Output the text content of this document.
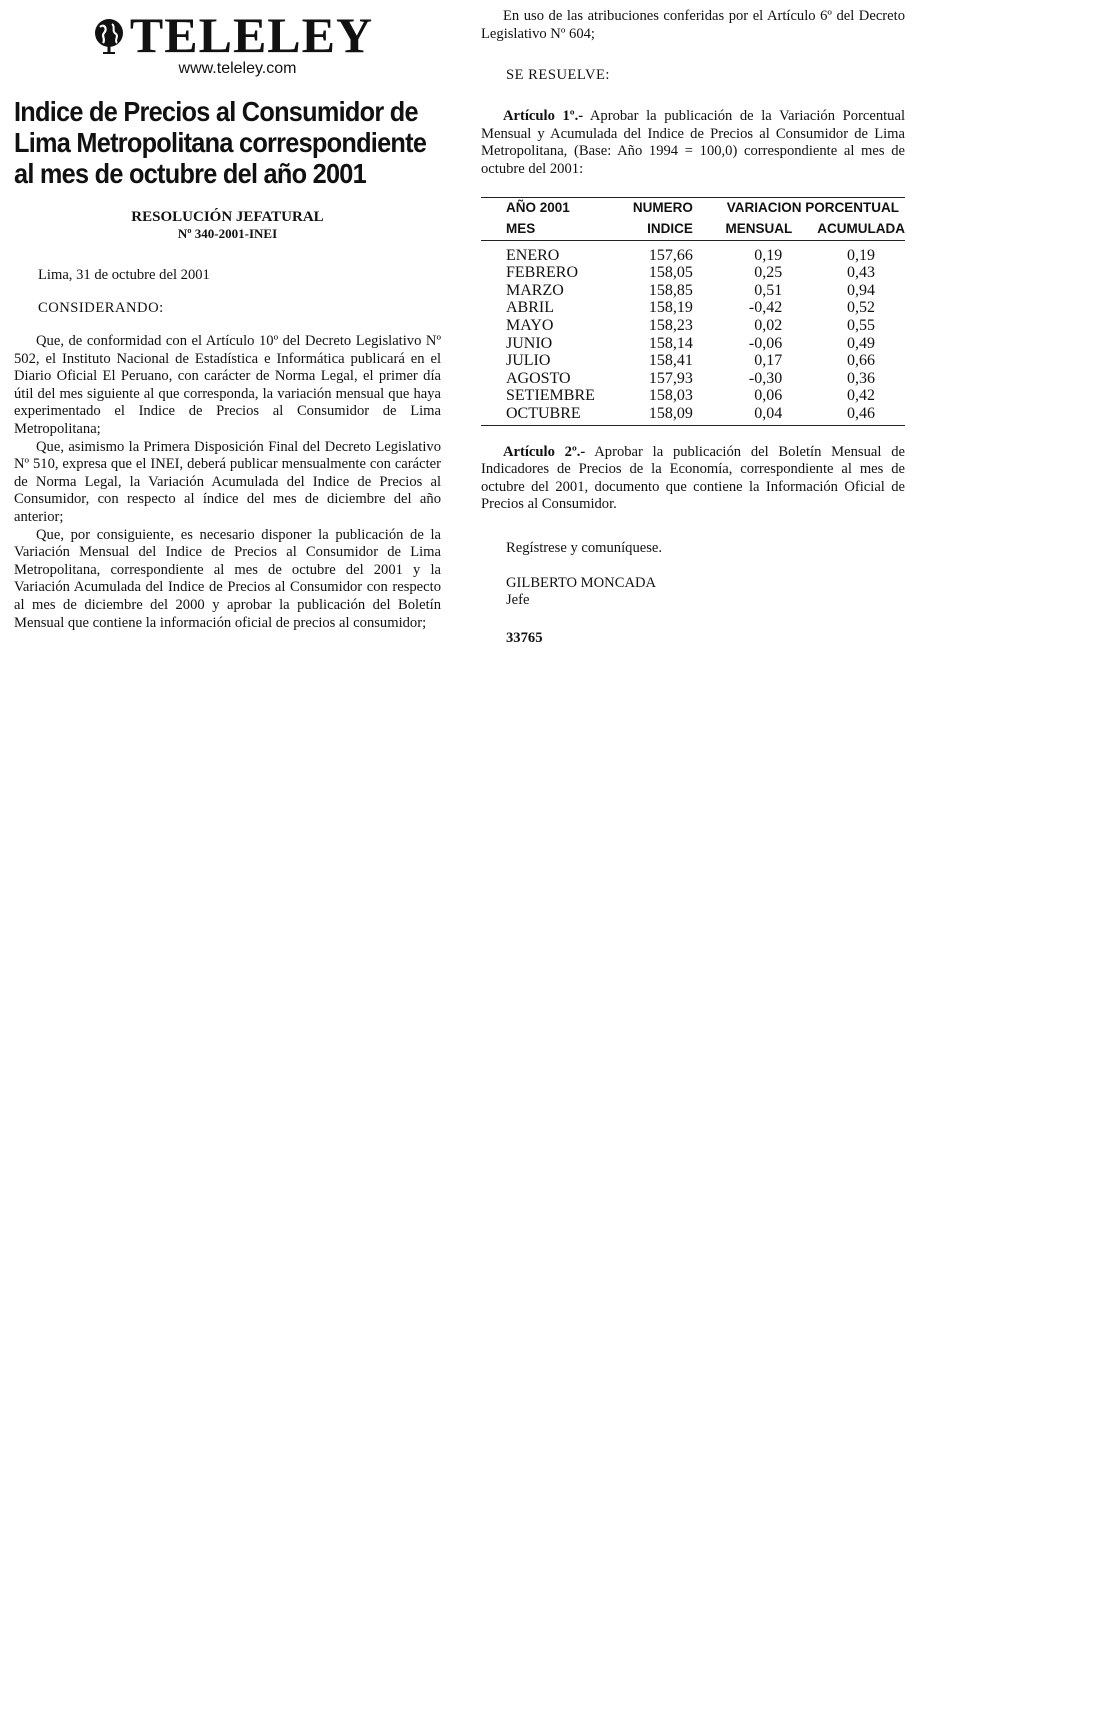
TELELEY
www.teleley.com
Indice de Precios al Consumidor de Lima Metropolitana correspondiente al mes de octubre del año 2001
RESOLUCIÓN JEFATURAL
Nº 340-2001-INEI
Lima, 31 de octubre del 2001
CONSIDERANDO:

Que, de conformidad con el Artículo 10º del Decreto Legislativo Nº 502, el Instituto Nacional de Estadística e Informática publicará en el Diario Oficial El Peruano, con carácter de Norma Legal, el primer día útil del mes siguiente al que corresponda, la variación mensual que haya experimentado el Indice de Precios al Consumidor de Lima Metropolitana;

Que, asimismo la Primera Disposición Final del Decreto Legislativo Nº 510, expresa que el INEI, deberá publicar mensualmente con carácter de Norma Legal, la Variación Acumulada del Indice de Precios al Consumidor, con respecto al índice del mes de diciembre del año anterior;

Que, por consiguiente, es necesario disponer la publicación de la Variación Mensual del Indice de Precios al Consumidor de Lima Metropolitana, correspondiente al mes de octubre del 2001 y la Variación Acumulada del Indice de Precios al Consumidor con respecto al mes de diciembre del 2000 y aprobar la publicación del Boletín Mensual que contiene la información oficial de precios al consumidor;

En uso de las atribuciones conferidas por el Artículo 6º del Decreto Legislativo Nº 604;

SE RESUELVE:

Artículo 1º.- Aprobar la publicación de la Variación Porcentual Mensual y Acumulada del Indice de Precios al Consumidor de Lima Metropolitana, (Base: Año 1994 = 100,0) correspondiente al mes de octubre del 2001:

AÑO 2001	NUMERO	VARIACION PORCENTUAL	
MES	INDICE	MENSUAL	ACUMULADA
ENERO	157,66	0,19	0,19
FEBRERO	158,05	0,25	0,43
MARZO	158,85	0,51	0,94
ABRIL	158,19	-0,42	0,52
MAYO	158,23	0,02	0,55
JUNIO	158,14	-0,06	0,49
JULIO	158,41	0,17	0,66
AGOSTO	157,93	-0,30	0,36
SETIEMBRE	158,03	0,06	0,42
OCTUBRE	158,09	0,04	0,46

Artículo 2º.- Aprobar la publicación del Boletín Mensual de Indicadores de Precios de la Economía, correspondiente al mes de octubre del 2001, documento que contiene la Información Oficial de Precios al Consumidor.

Regístrese y comuníquese.
GILBERTO MONCADA
Jefe
33765
